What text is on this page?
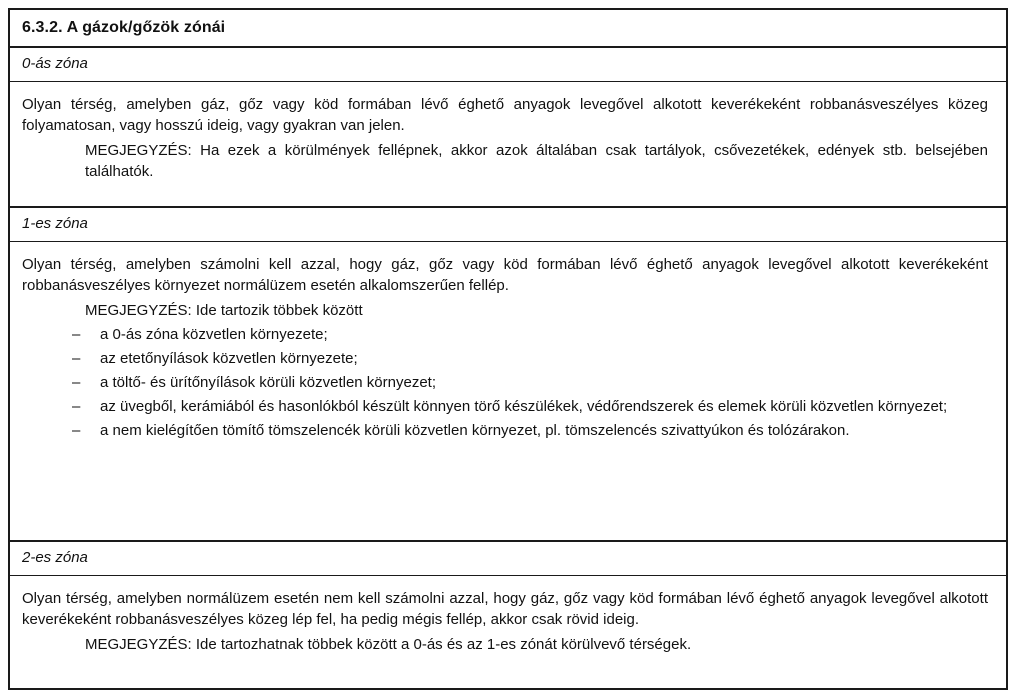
6.3.2. A gázok/gőzök zónái
0-ás zóna

Olyan térség, amelyben gáz, gőz vagy köd formában lévő éghető anyagok levegővel alkotott keverékeként robbanásveszélyes közeg folyamatosan, vagy hosszú ideig, vagy gyakran van jelen.

MEGJEGYZÉS: Ha ezek a körülmények fellépnek, akkor azok általában csak tartályok, csővezetékek, edények stb. belsejében találhatók.

1-es zóna

Olyan térség, amelyben számolni kell azzal, hogy gáz, gőz vagy köd formában lévő éghető anyagok levegővel alkotott keverékeként robbanásveszélyes környezet normálüzem esetén alkalomszerűen fellép.

MEGJEGYZÉS: Ide tartozik többek között

– a 0-ás zóna közvetlen környezete;
– az etetőnyílások közvetlen környezete;
– a töltő- és ürítőnyílások körüli közvetlen környezet;
– az üvegből, kerámiából és hasonlókból készült könnyen törő készülékek, védőrendszerek és elemek körüli közvetlen környezet;
– a nem kielégítően tömítő tömszelencék körüli közvetlen környezet, pl. tömszelencés szivattyúkon és tolózárakon.
2-es zóna

Olyan térség, amelyben normálüzem esetén nem kell számolni azzal, hogy gáz, gőz vagy köd formában lévő éghető anyagok levegővel alkotott keverékeként robbanásveszélyes közeg lép fel, ha pedig mégis fellép, akkor csak rövid ideig.

MEGJEGYZÉS: Ide tartozhatnak többek között a 0-ás és az 1-es zónát körülvevő térségek.
